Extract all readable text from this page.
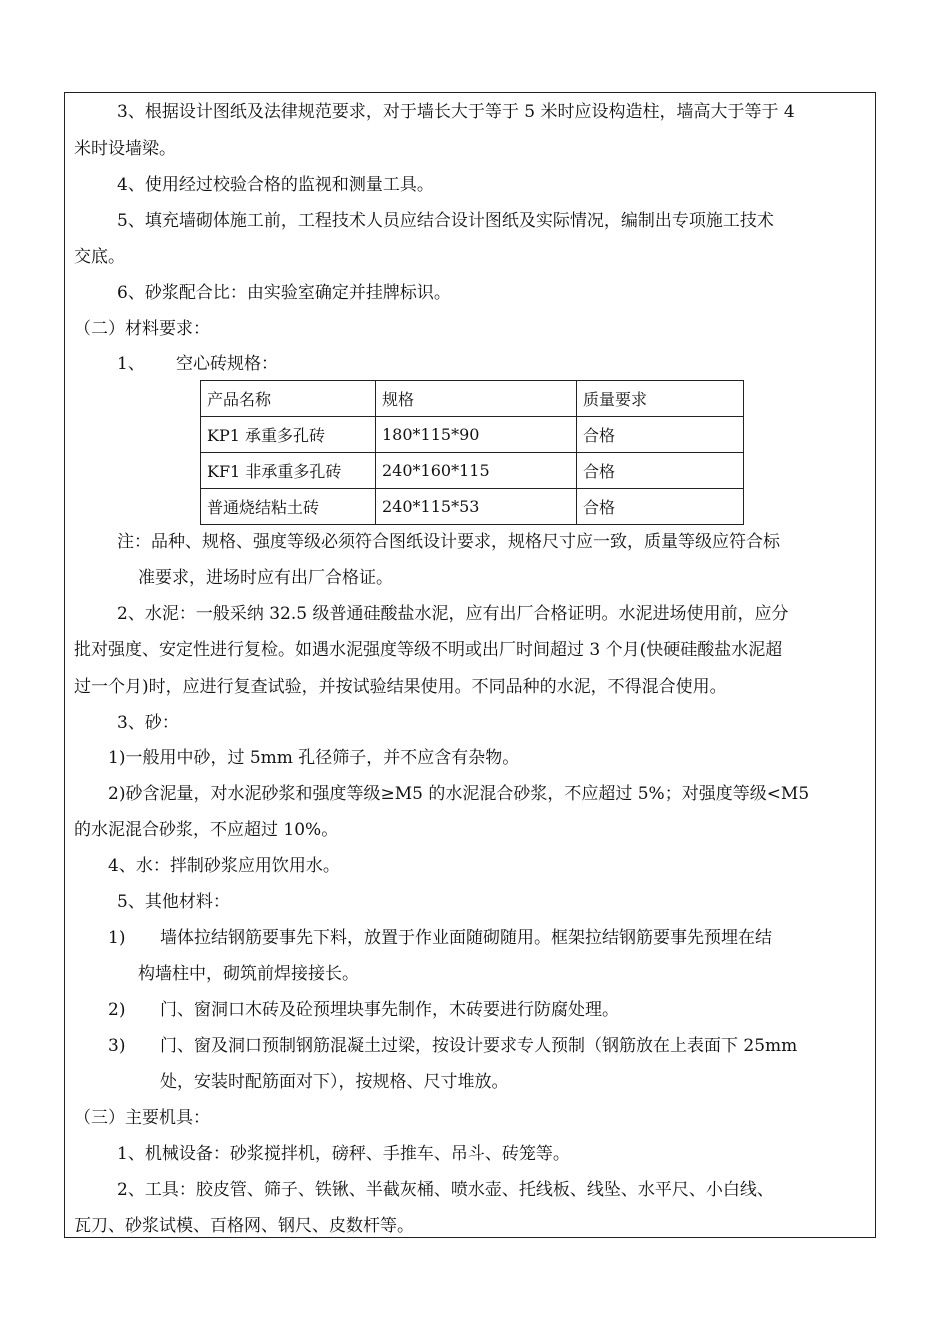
3、根据设计图纸及法律规范要求，对于墙长大于等于 5 米时应设构造柱，墙高大于等于 4
米时设墙梁。
4、使用经过校验合格的监视和测量工具。
5、填充墙砌体施工前，工程技术人员应结合设计图纸及实际情况，编制出专项施工技术
交底。
6、砂浆配合比：由实验室确定并挂牌标识。
（二）材料要求：
1、 空心砖规格：
产品名称	规格	质量要求
KP1 承重多孔砖	180*115*90	合格
KF1 非承重多孔砖	240*160*115	合格
普通烧结粘土砖	240*115*53	合格
注：品种、规格、强度等级必须符合图纸设计要求，规格尺寸应一致，质量等级应符合标
准要求，进场时应有出厂合格证。
2、水泥：一般采纳 32.5 级普通硅酸盐水泥，应有出厂合格证明。水泥进场使用前，应分
批对强度、安定性进行复检。如遇水泥强度等级不明或出厂时间超过 3 个月(快硬硅酸盐水泥超
过一个月)时，应进行复查试验，并按试验结果使用。不同品种的水泥，不得混合使用。
3、砂：
1)一般用中砂，过 5mm 孔径筛子，并不应含有杂物。
2)砂含泥量，对水泥砂浆和强度等级≥M5 的水泥混合砂浆，不应超过 5%；对强度等级<M5
的水泥混合砂浆，不应超过 10%。
4、水：拌制砂浆应用饮用水。
5、其他材料：
1) 墙体拉结钢筋要事先下料，放置于作业面随砌随用。框架拉结钢筋要事先预埋在结
构墙柱中，砌筑前焊接接长。
2) 门、窗洞口木砖及砼预埋块事先制作，木砖要进行防腐处理。
3) 门、窗及洞口预制钢筋混凝土过梁，按设计要求专人预制（钢筋放在上表面下 25mm
处，安装时配筋面对下），按规格、尺寸堆放。
（三）主要机具：
1、机械设备：砂浆搅拌机，磅秤、手推车、吊斗、砖笼等。
2、工具：胶皮管、筛子、铁锹、半截灰桶、喷水壶、托线板、线坠、水平尺、小白线、
瓦刀、砂浆试模、百格网、钢尺、皮数杆等。
